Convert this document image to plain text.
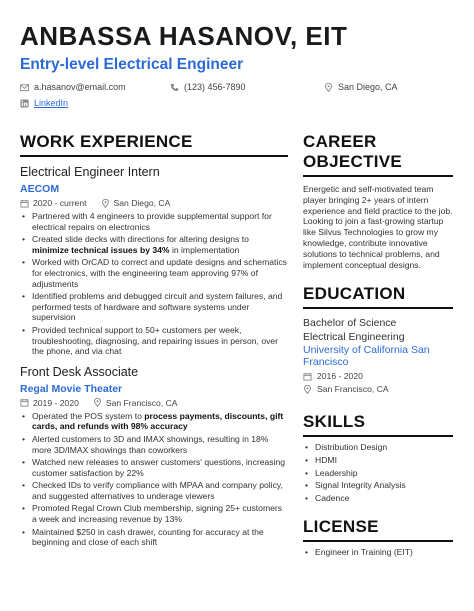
ANBASSA HASANOV, EIT
Entry-level Electrical Engineer
a.hasanov@email.com	(123) 456-7890	San Diego, CA
LinkedIn
WORK EXPERIENCE
Electrical Engineer Intern
AECOM
2020 - current	San Diego, CA
• Partnered with 4 engineers to provide supplemental support for electrical repairs on electronics
• Created slide decks with directions for altering designs to minimize technical issues by 34% in implementation
• Worked with OrCAD to correct and update designs and schematics for electronics, with the engineering team approving 97% of adjustments
• Identified problems and debugged circuit and system failures, and performed tests of hardware and software systems under supervision
• Provided technical support to 50+ customers per week, troubleshooting, diagnosing, and repairing issues in person, over the phone, and via chat
Front Desk Associate
Regal Movie Theater
2019 - 2020	San Francisco, CA
• Operated the POS system to process payments, discounts, gift cards, and refunds with 98% accuracy
• Alerted customers to 3D and IMAX showings, resulting in 18% more 3D/IMAX showings than coworkers
• Watched new releases to answer customers' questions, increasing customer satisfaction by 22%
• Checked IDs to verify compliance with MPAA and company policy, and suggested alternatives to underage viewers
• Promoted Regal Crown Club membership, signing 25+ customers a week and increasing revenue by 13%
• Maintained $250 in cash drawer, counting for accuracy at the beginning and close of each shift
CAREER OBJECTIVE
Energetic and self-motivated team player bringing 2+ years of intern experience and field practice to the job. Looking to join a fast-growing startup like Silvus Technologies to grow my knowledge, contribute innovative solutions to technical problems, and implement conceptual designs.
EDUCATION
Bachelor of Science
Electrical Engineering
University of California San Francisco
2016 - 2020
San Francisco, CA
SKILLS
• Distribution Design
• HDMI
• Leadership
• Signal Integrity Analysis
• Cadence
LICENSE
• Engineer in Training (EIT)
